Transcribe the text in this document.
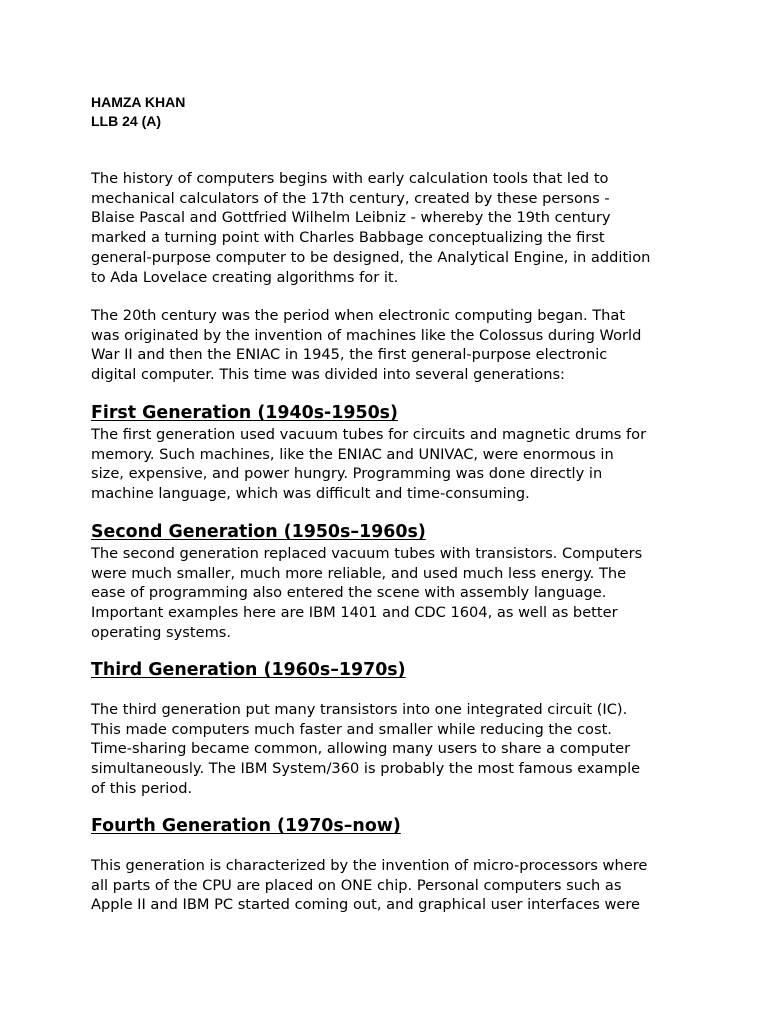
HAMZA KHAN
LLB 24 (A)
The history of computers begins with early calculation tools that led to
mechanical calculators of the 17th century, created by these persons -
Blaise Pascal and Gottfried Wilhelm Leibniz - whereby the 19th century
marked a turning point with Charles Babbage conceptualizing the first
general-purpose computer to be designed, the Analytical Engine, in addition
to Ada Lovelace creating algorithms for it.
The 20th century was the period when electronic computing began. That
was originated by the invention of machines like the Colossus during World
War II and then the ENIAC in 1945, the first general-purpose electronic
digital computer. This time was divided into several generations:
First Generation (1940s-1950s)
The first generation used vacuum tubes for circuits and magnetic drums for
memory. Such machines, like the ENIAC and UNIVAC, were enormous in
size, expensive, and power hungry. Programming was done directly in
machine language, which was difficult and time-consuming.
Second Generation (1950s–1960s)
The second generation replaced vacuum tubes with transistors. Computers
were much smaller, much more reliable, and used much less energy. The
ease of programming also entered the scene with assembly language.
Important examples here are IBM 1401 and CDC 1604, as well as better
operating systems.
Third Generation (1960s–1970s)
The third generation put many transistors into one integrated circuit (IC).
This made computers much faster and smaller while reducing the cost.
Time-sharing became common, allowing many users to share a computer
simultaneously. The IBM System/360 is probably the most famous example
of this period.
Fourth Generation (1970s–now)
This generation is characterized by the invention of micro-processors where
all parts of the CPU are placed on ONE chip. Personal computers such as
Apple II and IBM PC started coming out, and graphical user interfaces were
